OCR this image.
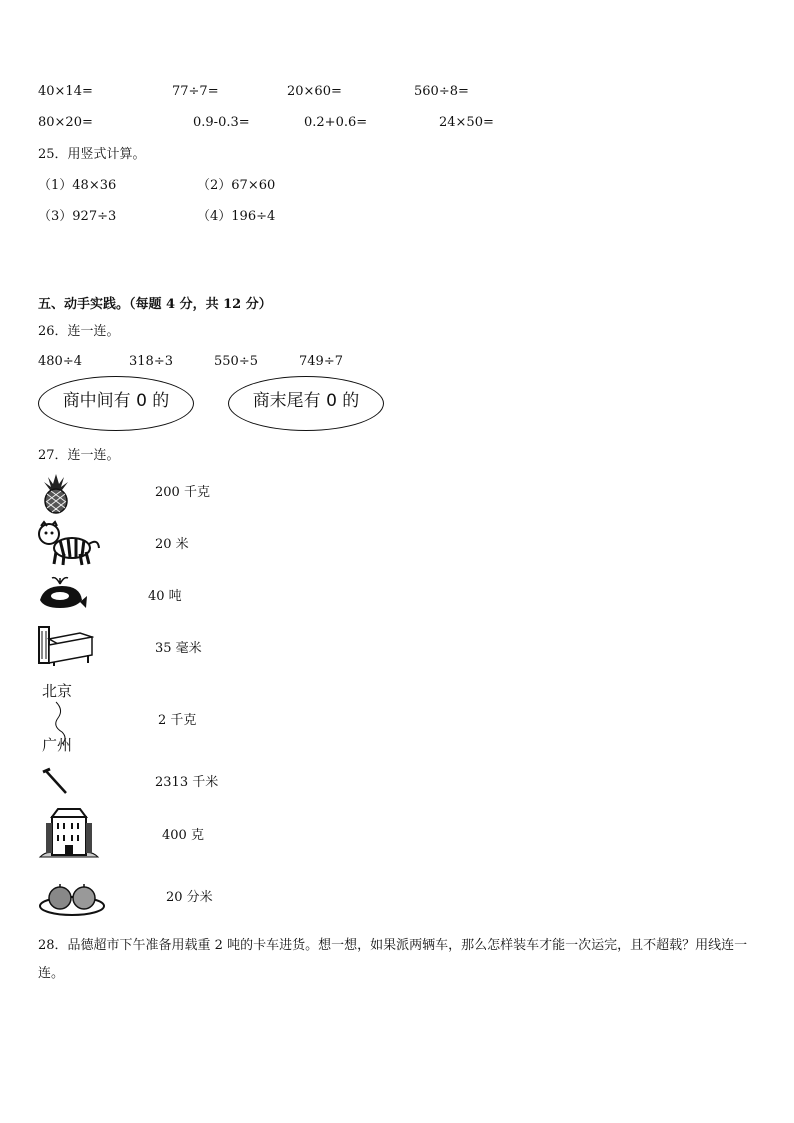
40×14=	77÷7=	20×60=	560÷8=
80×20=	0.9-0.3=	0.2+0.6=	24×50=
25．用竖式计算。
（1）48×36	（2）67×60
（3）927÷3	（4）196÷4
五、动手实践。（每题 4 分，共 12 分）
26．连一连。
480÷4	318÷3	550÷5	749÷7
商中间有 0 的	商末尾有 0 的
27．连一连。
200 千克
20 米
40 吨
35 毫米
北京
广州
2 千克
2313 千米
400 克
20 分米
28．品德超市下午准备用载重 2 吨的卡车进货。想一想，如果派两辆车，那么怎样装车才能一次运完，且不超载？用线连一连。
